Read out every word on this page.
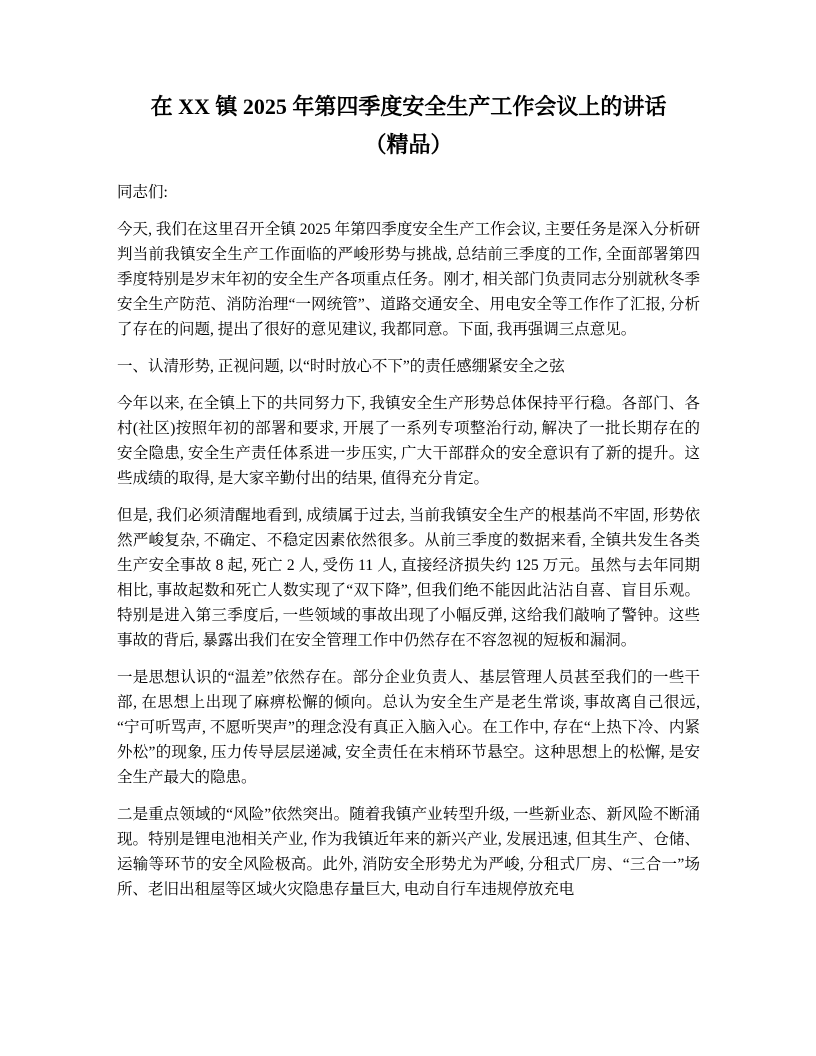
在 XX 镇 2025 年第四季度安全生产工作会议上的讲话
（精品）

同志们:

今天, 我们在这里召开全镇 2025 年第四季度安全生产工作会议, 主要任务是深入分析研判当前我镇安全生产工作面临的严峻形势与挑战, 总结前三季度的工作, 全面部署第四季度特别是岁末年初的安全生产各项重点任务。刚才, 相关部门负责同志分别就秋冬季安全生产防范、消防治理“一网统管”、道路交通安全、用电安全等工作作了汇报, 分析了存在的问题, 提出了很好的意见建议, 我都同意。下面, 我再强调三点意见。

一、认清形势, 正视问题, 以“时时放心不下”的责任感绷紧安全之弦

今年以来, 在全镇上下的共同努力下, 我镇安全生产形势总体保持平行稳。各部门、各村(社区)按照年初的部署和要求, 开展了一系列专项整治行动, 解决了一批长期存在的安全隐患, 安全生产责任体系进一步压实, 广大干部群众的安全意识有了新的提升。这些成绩的取得, 是大家辛勤付出的结果, 值得充分肯定。

但是, 我们必须清醒地看到, 成绩属于过去, 当前我镇安全生产的根基尚不牢固, 形势依然严峻复杂, 不确定、不稳定因素依然很多。从前三季度的数据来看, 全镇共发生各类生产安全事故 8 起, 死亡 2 人, 受伤 11 人, 直接经济损失约 125 万元。虽然与去年同期相比, 事故起数和死亡人数实现了“双下降”, 但我们绝不能因此沾沾自喜、盲目乐观。特别是进入第三季度后, 一些领域的事故出现了小幅反弹, 这给我们敲响了警钟。这些事故的背后, 暴露出我们在安全管理工作中仍然存在不容忽视的短板和漏洞。

一是思想认识的“温差”依然存在。部分企业负责人、基层管理人员甚至我们的一些干部, 在思想上出现了麻痹松懈的倾向。总认为安全生产是老生常谈, 事故离自己很远, “宁可听骂声, 不愿听哭声”的理念没有真正入脑入心。在工作中, 存在“上热下冷、内紧外松”的现象, 压力传导层层递减, 安全责任在末梢环节悬空。这种思想上的松懈, 是安全生产最大的隐患。

二是重点领域的“风险”依然突出。随着我镇产业转型升级, 一些新业态、新风险不断涌现。特别是锂电池相关产业, 作为我镇近年来的新兴产业, 发展迅速, 但其生产、仓储、运输等环节的安全风险极高。此外, 消防安全形势尤为严峻, 分租式厂房、“三合一”场所、老旧出租屋等区域火灾隐患存量巨大, 电动自行车违规停放充电
